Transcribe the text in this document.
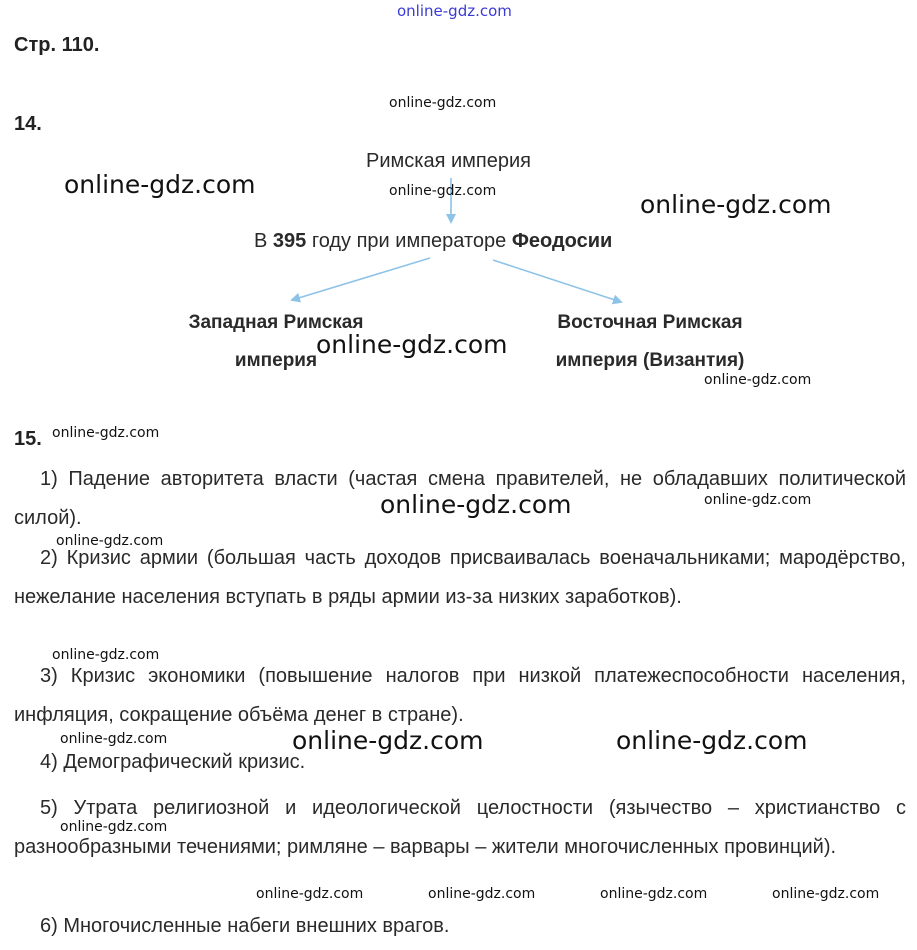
online-gdz.com
Стр. 110.
14.
Римская империя
В 395 году при императоре Феодосии
Западная Римская
империя
Восточная Римская
империя (Византия)
15.
1) Падение авторитета власти (частая смена правителей, не обладавших политической силой).
2) Кризис армии (большая часть доходов присваивалась военачальниками; мародёрство, нежелание населения вступать в ряды армии из-за низких заработков).
3) Кризис экономики (повышение налогов при низкой платежеспособности населения, инфляция, сокращение объёма денег в стране).
4) Демографический кризис.
5) Утрата религиозной и идеологической целостности (язычество – христианство с разнообразными течениями; римляне – варвары – жители многочисленных провинций).
6) Многочисленные набеги внешних врагов.
online-gdz.com
online-gdz.com
online-gdz.com
online-gdz.com
online-gdz.com
online-gdz.com
online-gdz.com
online-gdz.com	online-gdz.com
online-gdz.com
online-gdz.com
online-gdz.com	online-gdz.com	online-gdz.com
online-gdz.com
online-gdz.com	online-gdz.com	online-gdz.com	online-gdz.com
